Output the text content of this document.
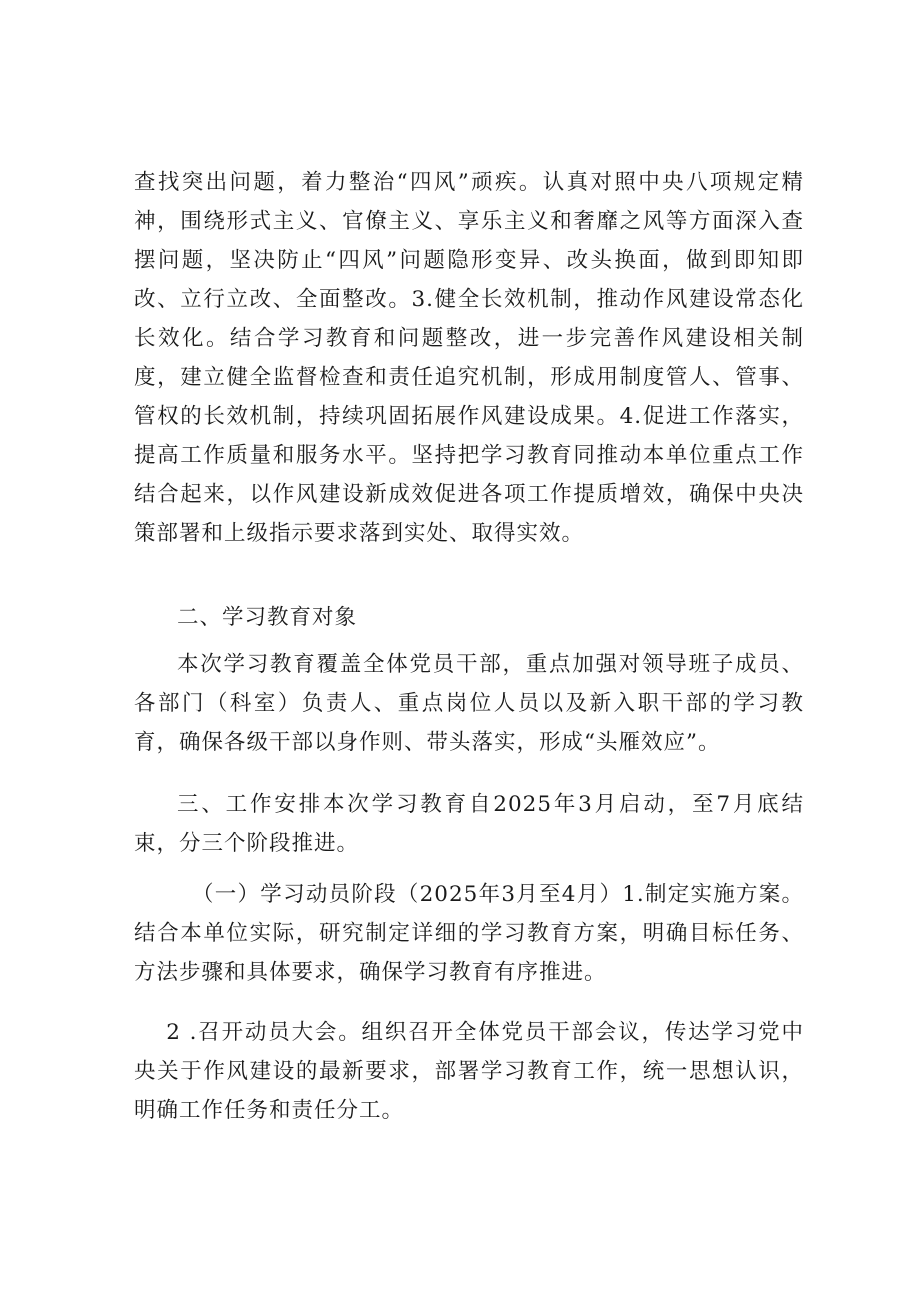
查找突出问题，着力整治“四风”顽疾。认真对照中央八项规定精神，围绕形式主义、官僚主义、享乐主义和奢靡之风等方面深入查摆问题，坚决防止“四风”问题隐形变异、改头换面，做到即知即改、立行立改、全面整改。3.健全长效机制，推动作风建设常态化长效化。结合学习教育和问题整改，进一步完善作风建设相关制度，建立健全监督检查和责任追究机制，形成用制度管人、管事、管权的长效机制，持续巩固拓展作风建设成果。4.促进工作落实，提高工作质量和服务水平。坚持把学习教育同推动本单位重点工作结合起来，以作风建设新成效促进各项工作提质增效，确保中央决策部署和上级指示要求落到实处、取得实效。

二、学习教育对象

本次学习教育覆盖全体党员干部，重点加强对领导班子成员、各部门（科室）负责人、重点岗位人员以及新入职干部的学习教育，确保各级干部以身作则、带头落实，形成“头雁效应”。

三、工作安排本次学习教育自2025年3月启动，至7月底结束，分三个阶段推进。

（一）学习动员阶段（2025年3月至4月）1.制定实施方案。结合本单位实际，研究制定详细的学习教育方案，明确目标任务、方法步骤和具体要求，确保学习教育有序推进。

2 .召开动员大会。组织召开全体党员干部会议，传达学习党中央关于作风建设的最新要求，部署学习教育工作，统一思想认识，明确工作任务和责任分工。
